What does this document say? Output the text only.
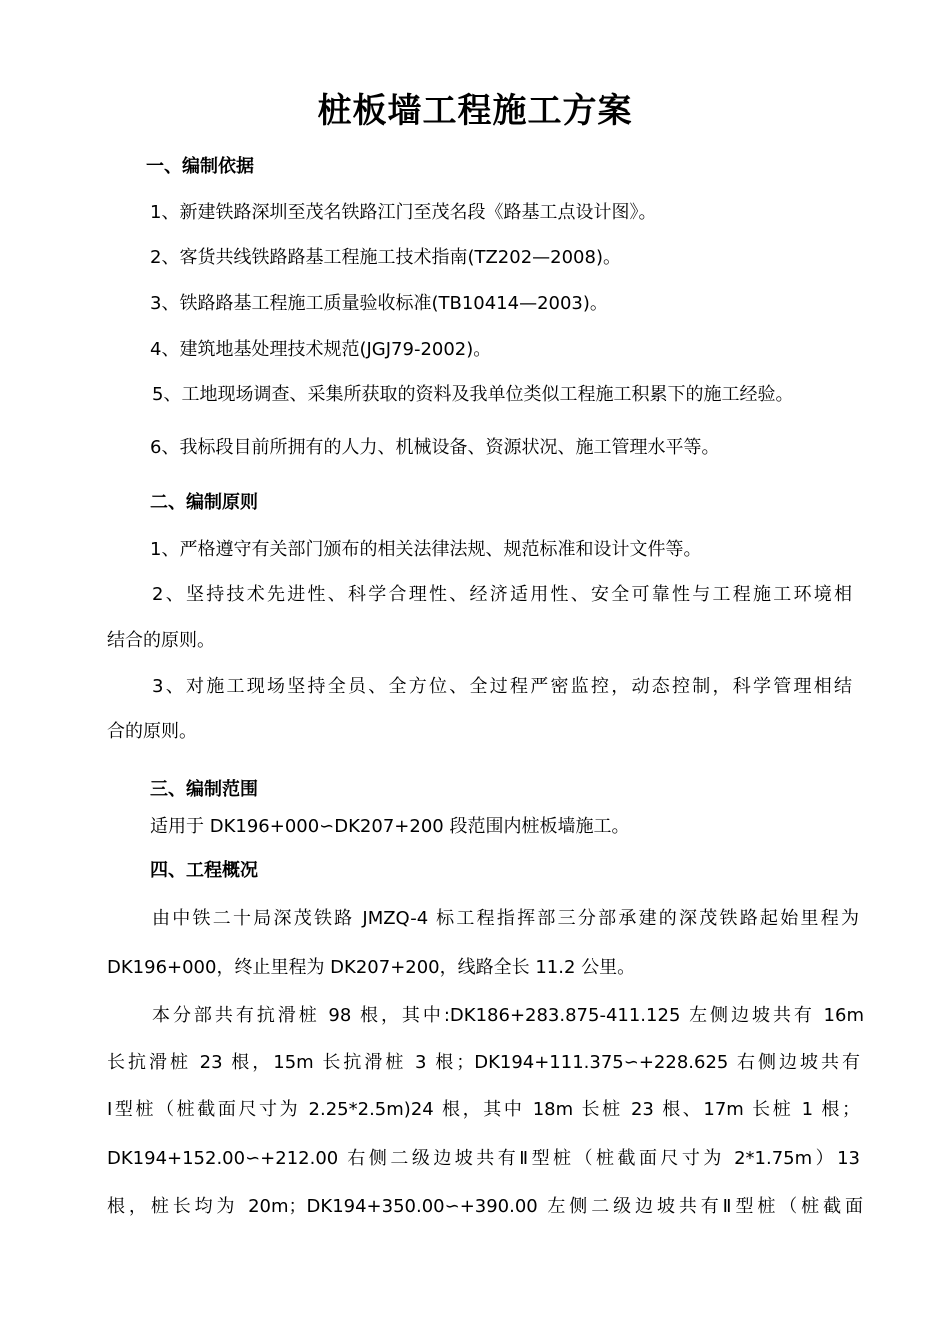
桩板墙工程施工方案
一、编制依据
1、新建铁路深圳至茂名铁路江门至茂名段《路基工点设计图》。
2、客货共线铁路路基工程施工技术指南(TZ202—2008)。
3、铁路路基工程施工质量验收标准(TB10414—2003)。
4、建筑地基处理技术规范(JGJ79-2002)。
5、工地现场调查、采集所获取的资料及我单位类似工程施工积累下的施工经验。
6、我标段目前所拥有的人力、机械设备、资源状况、施工管理水平等。
二、编制原则
1、严格遵守有关部门颁布的相关法律法规、规范标准和设计文件等。
2、坚持技术先进性、科学合理性、经济适用性、安全可靠性与工程施工环境相
结合的原则。
3、对施工现场坚持全员、全方位、全过程严密监控，动态控制，科学管理相结
合的原则。
三、编制范围
适用于 DK196+000∽DK207+200 段范围内桩板墙施工。
四、工程概况
由中铁二十局深茂铁路 JMZQ-4 标工程指挥部三分部承建的深茂铁路起始里程为
DK196+000，终止里程为 DK207+200，线路全长 11.2 公里。
本分部共有抗滑桩 98 根，其中:DK186+283.875-411.125 左侧边坡共有 16m
长抗滑桩 23 根，15m 长抗滑桩 3 根；DK194+111.375∽+228.625 右侧边坡共有
Ⅰ型桩（桩截面尺寸为 2.25*2.5m)24 根，其中 18m 长桩 23 根、17m 长桩 1 根；
DK194+152.00∽+212.00 右侧二级边坡共有Ⅱ型桩（桩截面尺寸为 2*1.75m）13
根，桩长均为 20m；DK194+350.00∽+390.00 左侧二级边坡共有Ⅱ型桩（桩截面
